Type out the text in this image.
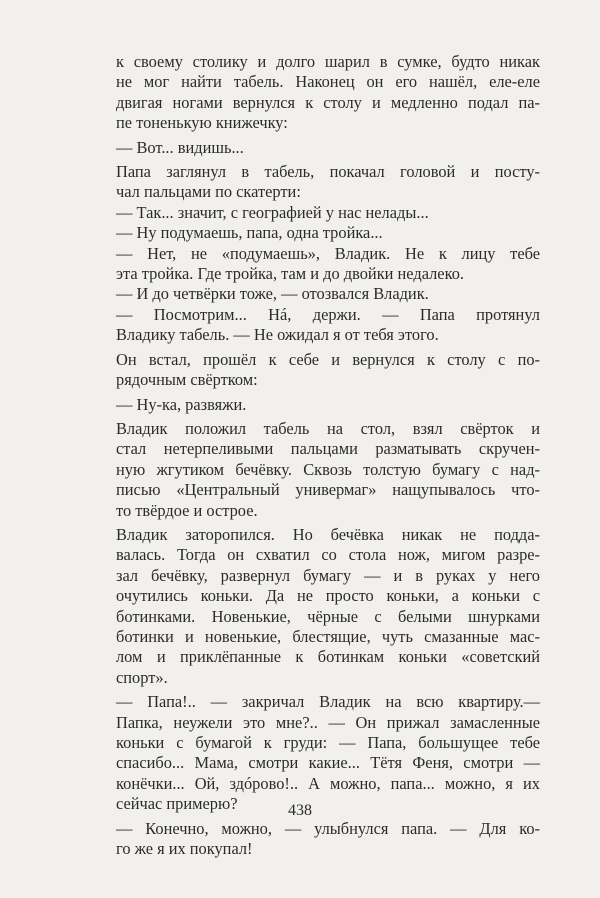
к своему столику и долго шарил в сумке, будто никак
не мог найти табель. Наконец он его нашёл, еле-еле
двигая ногами вернулся к столу и медленно подал па-
пе тоненькую книжечку:
— Вот... видишь...
Папа заглянул в табель, покачал головой и посту-
чал пальцами по скатерти:
— Так... значит, с географией у нас нелады...
— Ну подумаешь, папа, одна тройка...
— Нет, не «подумаешь», Владик. Не к лицу тебе
эта тройка. Где тройка, там и до двойки недалеко.
— И до четвёрки тоже, — отозвался Владик.
— Посмотрим... Нá, держи. — Папа протянул
Владику табель. — Не ожидал я от тебя этого.
Он встал, прошёл к себе и вернулся к столу с по-
рядочным свёртком:
— Ну-ка, развяжи.
Владик положил табель на стол, взял свёрток и
стал нетерпеливыми пальцами разматывать скручен-
ную жгутиком бечёвку. Сквозь толстую бумагу с над-
писью «Центральный универмаг» нащупывалось что-
то твёрдое и острое.
Владик заторопился. Но бечёвка никак не подда-
валась. Тогда он схватил со стола нож, мигом разре-
зал бечёвку, развернул бумагу — и в руках у него
очутились коньки. Да не просто коньки, а коньки с
ботинками. Новенькие, чёрные с белыми шнурками
ботинки и новенькие, блестящие, чуть смазанные мас-
лом и приклёпанные к ботинкам коньки «советский
спорт».
— Папа!.. — закричал Владик на всю квартиру.—
Папка, неужели это мне?.. — Он прижал замасленные
коньки с бумагой к груди: — Папа, большущее тебе
спасибо... Мама, смотри какие... Тётя Феня, смотри —
конёчки... Ой, здóрово!.. А можно, папа... можно, я их
сейчас примерю?
— Конечно, можно, — улыбнулся папа. — Для ко-
го же я их покупал!
438
